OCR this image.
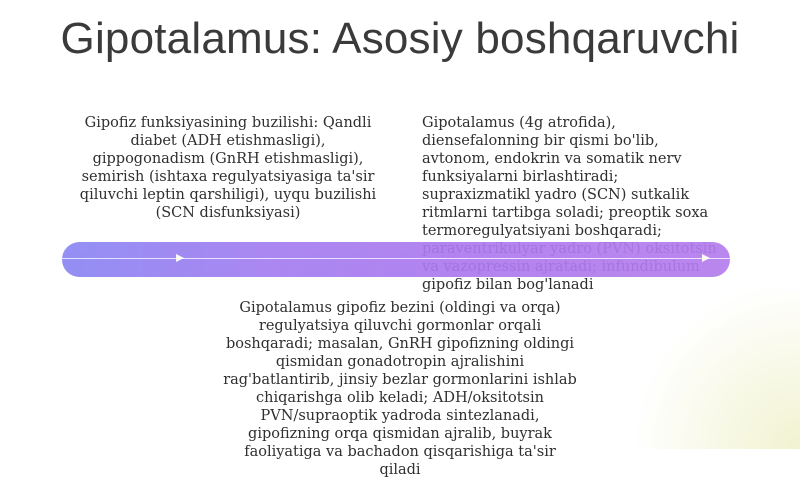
Gipotalamus: Asosiy boshqaruvchi
Gipofiz funksiyasining buzilishi: Qandli diabet (ADH etishmasligi), gippogonadism (GnRH etishmasligi), semirish (ishtaxa regulyatsiyasiga ta'sir qiluvchi leptin qarshiligi), uyqu buzilishi (SCN disfunksiyasi)
Gipotalamus (4g atrofida), diensefalonning bir qismi bo'lib, avtonom, endokrin va somatik nerv funksiyalarni birlashtiradi; supraxizmatikl yadro (SCN) sutkalik ritmlarni tartibga soladi; preoptik soxa termoregulyatsiyani boshqaradi; gipofiz bilan bog'lanadi
Gipotalamus gipofiz bezini (oldingi va orqa) regulyatsiya qiluvchi gormonlar orqali boshqaradi; masalan, GnRH gipofizning oldingi qismidan gonadotropin ajralishini rag'batlantirib, jinsiy bezlar gormonlarini ishlab chiqarishga olib keladi; ADH/oksitotsin PVN/supraoptik yadroda sintezlanadi, gipofizning orqa qismidan ajralib, buyrak faoliyatiga va bachadon qisqarishiga ta'sir qiladi
